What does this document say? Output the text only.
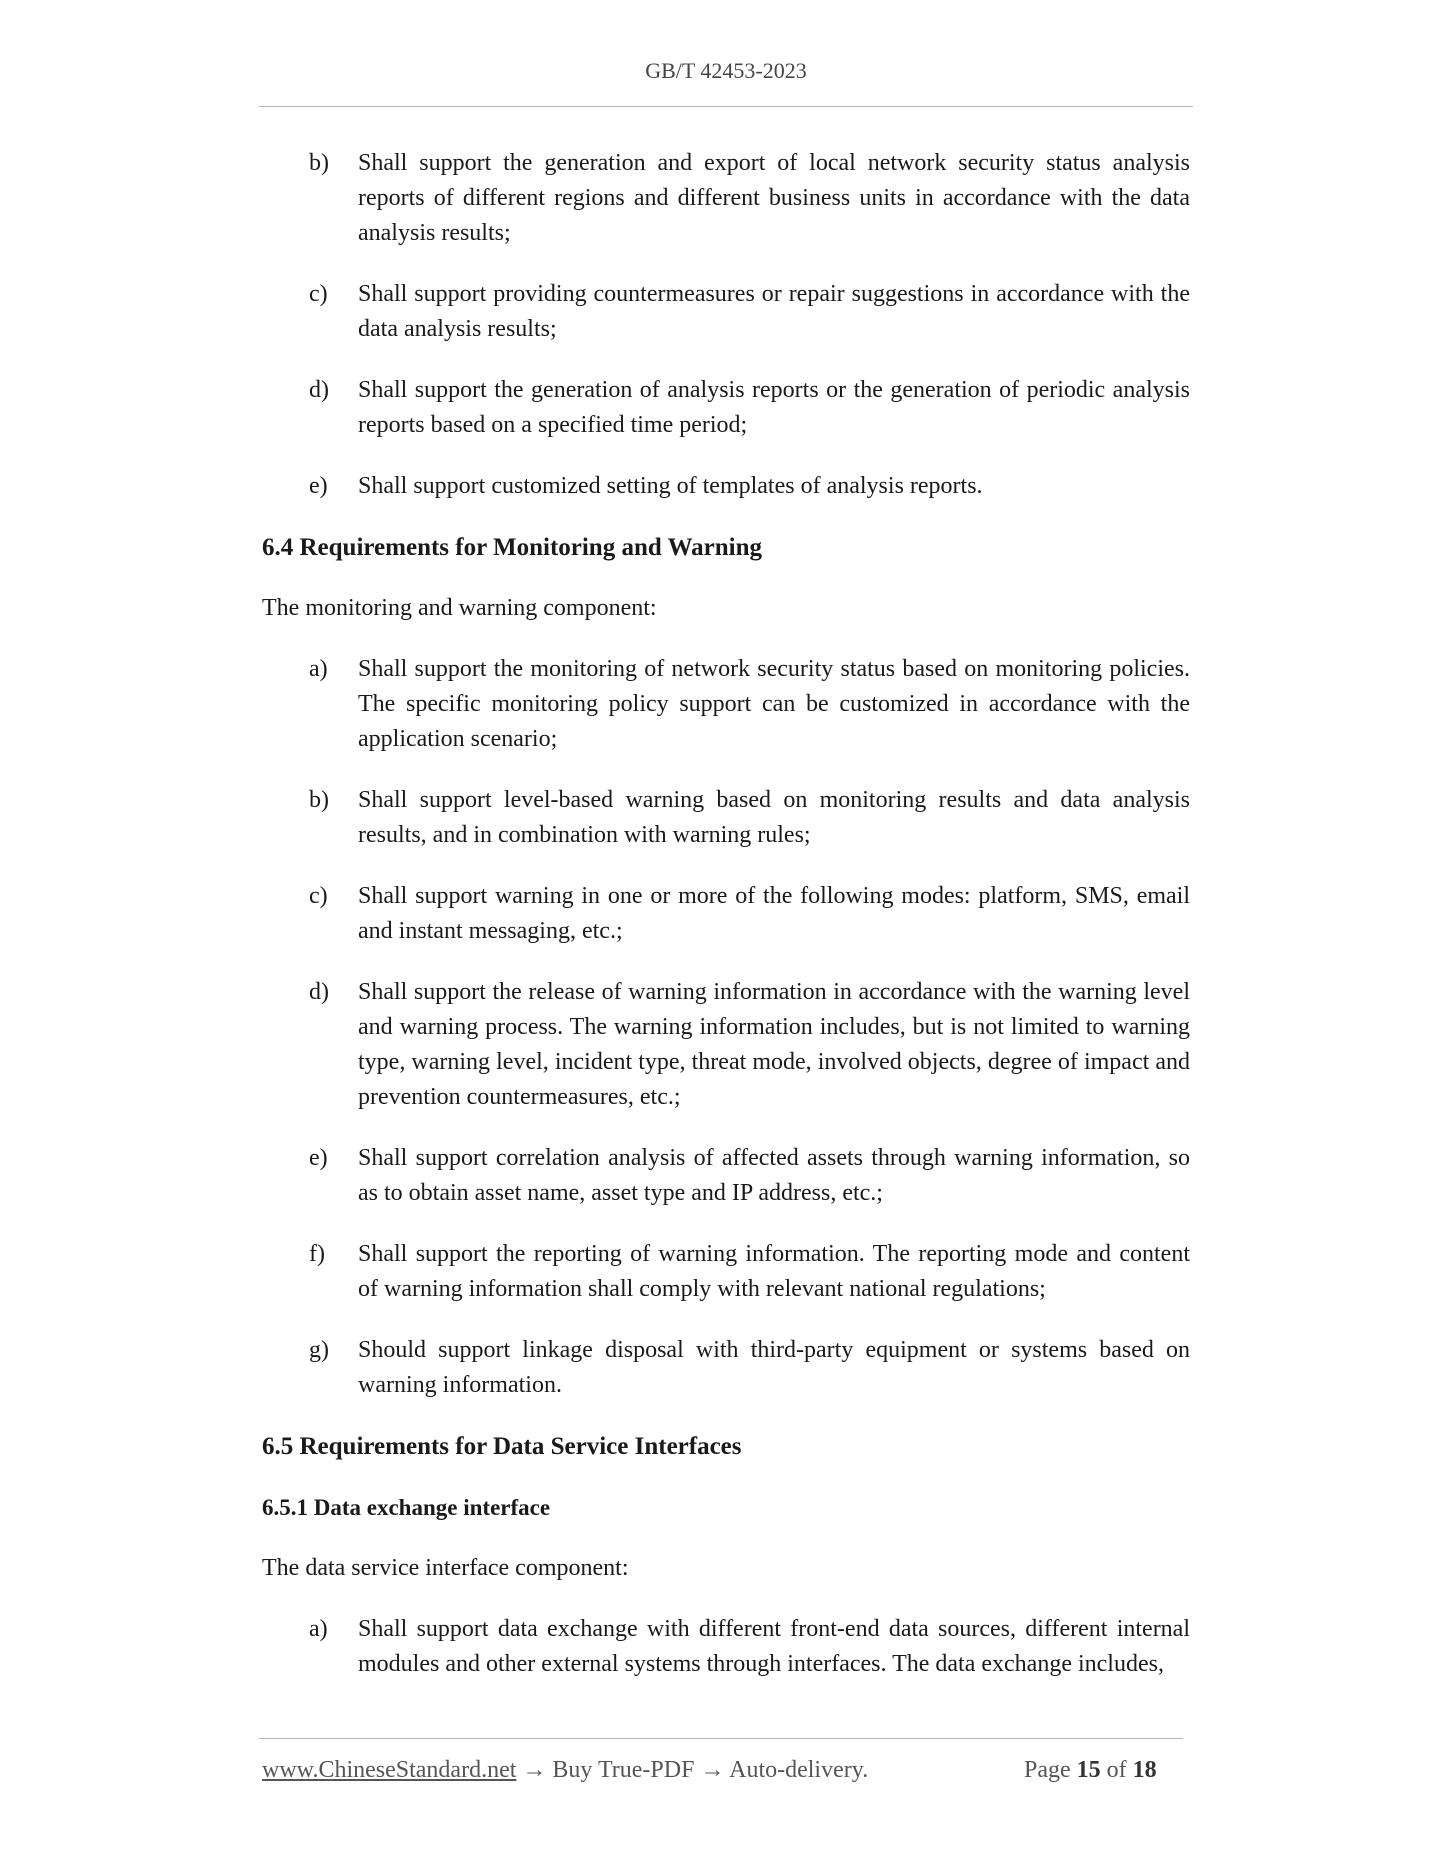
GB/T 42453-2023
b) Shall support the generation and export of local network security status analysis reports of different regions and different business units in accordance with the data analysis results;
c) Shall support providing countermeasures or repair suggestions in accordance with the data analysis results;
d) Shall support the generation of analysis reports or the generation of periodic analysis reports based on a specified time period;
e) Shall support customized setting of templates of analysis reports.
6.4 Requirements for Monitoring and Warning
The monitoring and warning component:
a) Shall support the monitoring of network security status based on monitoring policies. The specific monitoring policy support can be customized in accordance with the application scenario;
b) Shall support level-based warning based on monitoring results and data analysis results, and in combination with warning rules;
c) Shall support warning in one or more of the following modes: platform, SMS, email and instant messaging, etc.;
d) Shall support the release of warning information in accordance with the warning level and warning process. The warning information includes, but is not limited to warning type, warning level, incident type, threat mode, involved objects, degree of impact and prevention countermeasures, etc.;
e) Shall support correlation analysis of affected assets through warning information, so as to obtain asset name, asset type and IP address, etc.;
f) Shall support the reporting of warning information. The reporting mode and content of warning information shall comply with relevant national regulations;
g) Should support linkage disposal with third-party equipment or systems based on warning information.
6.5 Requirements for Data Service Interfaces
6.5.1 Data exchange interface
The data service interface component:
a) Shall support data exchange with different front-end data sources, different internal modules and other external systems through interfaces. The data exchange includes,
www.ChineseStandard.net → Buy True-PDF → Auto-delivery.	Page 15 of 18
